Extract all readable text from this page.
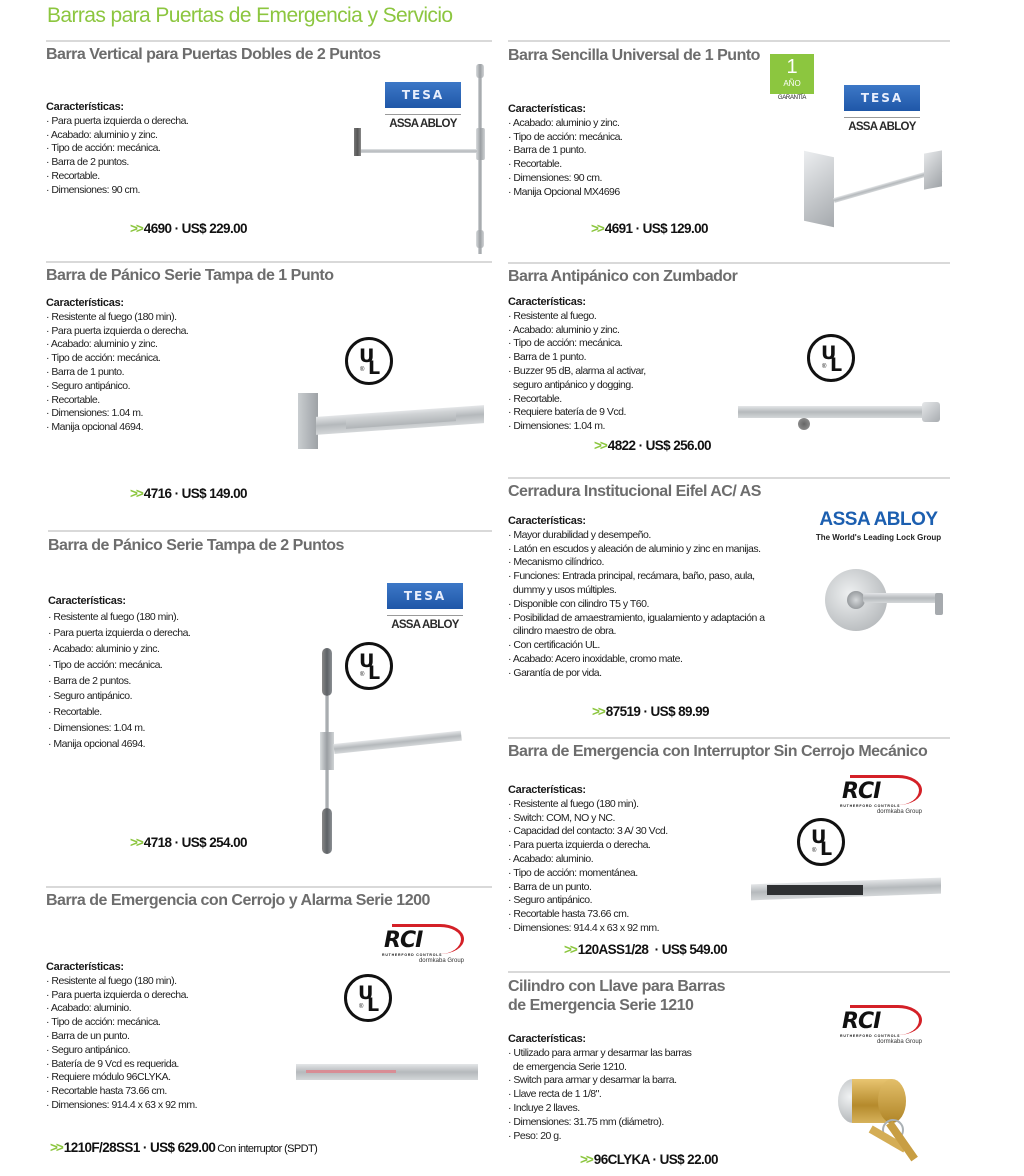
Barras para Puertas de Emergencia y Servicio
Barra Vertical para Puertas Dobles de 2 Puntos
Características:
· Para puerta izquierda o derecha.
· Acabado: aluminio y zinc.
· Tipo de acción: mecánica.
· Barra de 2 puntos.
· Recortable.
· Dimensiones: 90 cm.
>> 4690 · US$ 229.00
TESA
ASSA ABLOY
Barra Sencilla Universal de 1 Punto
Características:
· Acabado: aluminio y zinc.
· Tipo de acción: mecánica.
· Barra de 1 punto.
· Recortable.
· Dimensiones: 90 cm.
· Manija Opcional MX4696
>> 4691 · US$ 129.00
1
AÑO
GARANTÍA	TESA
ASSA ABLOY
Barra de Pánico Serie Tampa de 1 Punto
Características:
· Resistente al fuego (180 min).
· Para puerta izquierda o derecha.
· Acabado: aluminio y zinc.
· Tipo de acción: mecánica.
· Barra de 1 punto.
· Seguro antipánico.
· Recortable.
· Dimensiones: 1.04 m.
· Manija opcional 4694.
>> 4716 · US$ 149.00
U
L
®
Barra Antipánico con Zumbador
Características:
· Resistente al fuego.
· Acabado: aluminio y zinc.
· Tipo de acción: mecánica.
· Barra de 1 punto.
· Buzzer 95 dB, alarma al activar,
seguro antipánico y dogging.
· Recortable.
· Requiere batería de 9 Vcd.
· Dimensiones: 1.04 m.
>> 4822 · US$ 256.00
U
L
®
Barra de Pánico Serie Tampa de 2 Puntos
Características:
· Resistente al fuego (180 min).
· Para puerta izquierda o derecha.
· Acabado: aluminio y zinc.
· Tipo de acción: mecánica.
· Barra de 2 puntos.
· Seguro antipánico.
· Recortable.
· Dimensiones: 1.04 m.
· Manija opcional 4694.
>> 4718 · US$ 254.00
TESA
ASSA ABLOY
U
L
®
Cerradura Institucional Eifel AC/ AS
Características:
· Mayor durabilidad y desempeño.
· Latón en escudos y aleación de aluminio y zinc en manijas.
· Mecanismo cilíndrico.
· Funciones: Entrada principal, recámara, baño, paso, aula,
dummy y usos múltiples.
· Disponible con cilindro T5 y T60.
· Posibilidad de amaestramiento, igualamiento y adaptación a
cilindro maestro de obra.
· Con certificación UL.
· Acabado: Acero inoxidable, cromo mate.
· Garantía de por vida.
>> 87519 · US$ 89.99
ASSA ABLOY
The World's Leading Lock Group
Barra de Emergencia con Interruptor Sin Cerrojo Mecánico
Características:
· Resistente al fuego (180 min).
· Switch: COM, NO y NC.
· Capacidad del contacto: 3 A/ 30 Vcd.
· Para puerta izquierda o derecha.
· Acabado: aluminio.
· Tipo de acción: momentánea.
· Barra de un punto.
· Seguro antipánico.
· Recortable hasta 73.66 cm.
· Dimensiones: 914.4 x 63 x 92 mm.
>> 120ASS1/28  · US$ 549.00
RCI
RUTHERFORD CONTROLS
dormkaba Group
U
L
®
Barra de Emergencia con Cerrojo y Alarma Serie 1200
Características:
· Resistente al fuego (180 min).
· Para puerta izquierda o derecha.
· Acabado: aluminio.
· Tipo de acción: mecánica.
· Barra de un punto.
· Seguro antipánico.
· Batería de 9 Vcd es requerida.
· Requiere módulo 96CLYKA.
· Recortable hasta 73.66 cm.
· Dimensiones: 914.4 x 63 x 92 mm.
>> 1210F/28SS1 · US$ 629.00 Con interruptor (SPDT)
RCI
RUTHERFORD CONTROLS
dormkaba Group
U
L
®
Cilindro con Llave para Barras
de Emergencia Serie 1210
Características:
· Utilizado para armar y desarmar las barras
de emergencia Serie 1210.
· Switch para armar y desarmar la barra.
· Llave recta de 1 1/8".
· Incluye 2 llaves.
· Dimensiones: 31.75 mm (diámetro).
· Peso: 20 g.
>> 96CLYKA · US$ 22.00
RCI
RUTHERFORD CONTROLS
dormkaba Group
